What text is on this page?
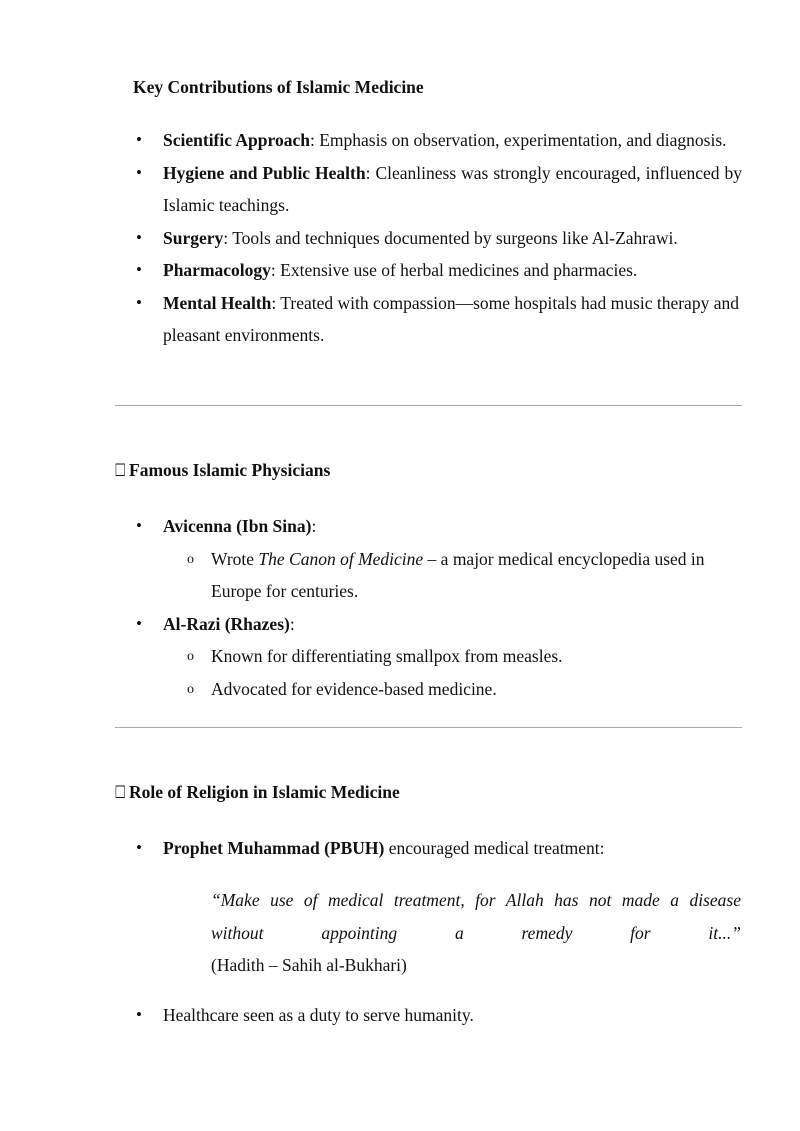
Key Contributions of Islamic Medicine
• Scientific Approach: Emphasis on observation, experimentation, and diagnosis.
• Hygiene and Public Health: Cleanliness was strongly encouraged, influenced by Islamic teachings.
• Surgery: Tools and techniques documented by surgeons like Al-Zahrawi.
• Pharmacology: Extensive use of herbal medicines and pharmacies.
• Mental Health: Treated with compassion—some hospitals had music therapy and pleasant environments.
⎕ Famous Islamic Physicians
• Avicenna (Ibn Sina):
o Wrote The Canon of Medicine – a major medical encyclopedia used in Europe for centuries.
• Al-Razi (Rhazes):
o Known for differentiating smallpox from measles.
o Advocated for evidence-based medicine.
⎕ Role of Religion in Islamic Medicine
• Prophet Muhammad (PBUH) encouraged medical treatment:
“Make use of medical treatment, for Allah has not made a disease
without appointing a remedy for it...”
(Hadith – Sahih al-Bukhari)
• Healthcare seen as a duty to serve humanity.
